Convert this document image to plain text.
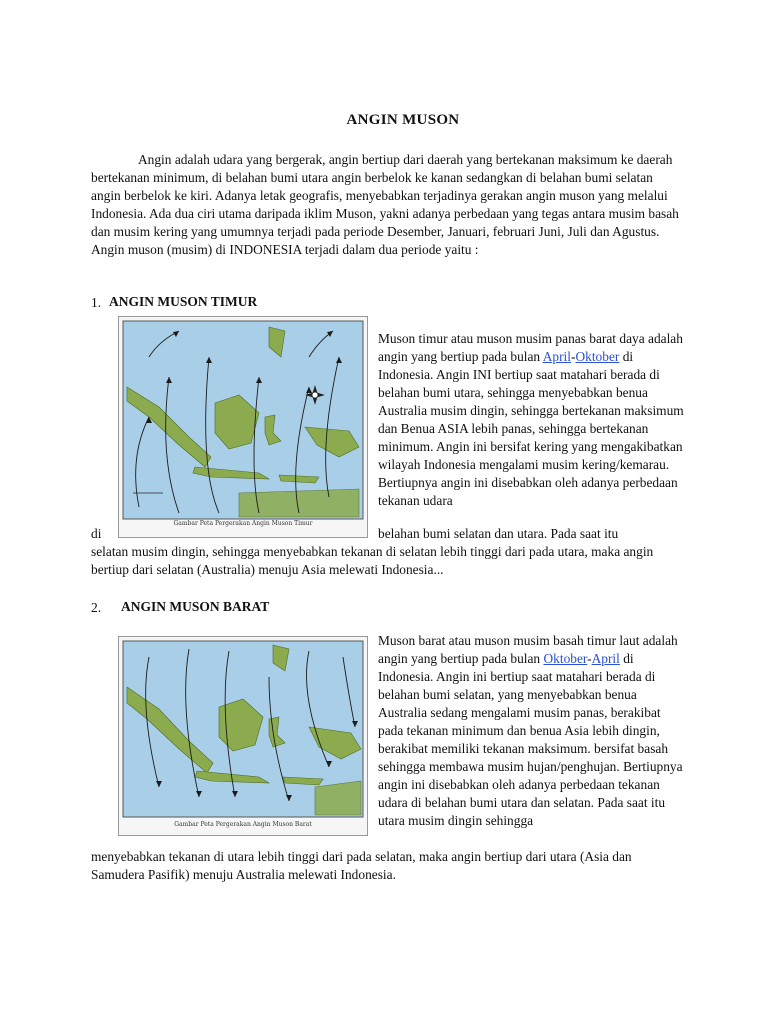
ANGIN MUSON

Angin adalah udara yang bergerak, angin bertiup dari daerah yang bertekanan maksimum ke daerah bertekanan minimum, di belahan bumi utara angin berbelok ke kanan sedangkan di belahan bumi selatan angin berbelok ke kiri. Adanya letak geografis, menyebabkan terjadinya gerakan angin muson yang melalui Indonesia. Ada dua ciri utama daripada iklim Muson, yakni adanya perbedaan yang tegas antara musim basah dan musim kering yang umumnya terjadi pada periode Desember, Januari, februari Juni, Juli dan Agustus. Angin muson (musim) di INDONESIA terjadi dalam dua periode yaitu :

1. ANGIN MUSON TIMUR
Gambar Peta Pergerakan Angin Muson Timur

Muson timur atau muson musim panas barat daya adalah angin yang bertiup pada bulan April-Oktober di Indonesia. Angin INI bertiup saat matahari berada di belahan bumi utara, sehingga menyebabkan benua Australia musim dingin, sehingga bertekanan maksimum dan Benua ASIA lebih panas, sehingga bertekanan minimum. Angin ini bersifat kering yang mengakibatkan wilayah Indonesia mengalami musim kering/kemarau. Bertiupnya angin ini disebabkan oleh adanya perbedaan tekanan udara

di	belahan bumi selatan dan utara. Pada saat itu

selatan musim dingin, sehingga menyebabkan tekanan di selatan lebih tinggi dari pada utara, maka angin bertiup dari selatan (Australia) menuju Asia melewati Indonesia...

2. ANGIN MUSON BARAT
Gambar Peta Pergerakan Angin Muson Barat

Muson barat atau muson musim basah timur laut adalah angin yang bertiup pada bulan Oktober-April di Indonesia. Angin ini bertiup saat matahari berada di belahan bumi selatan, yang menyebabkan benua Australia sedang mengalami musim panas, berakibat pada tekanan minimum dan benua Asia lebih dingin, berakibat memiliki tekanan maksimum. bersifat basah sehingga membawa musim hujan/penghujan. Bertiupnya angin ini disebabkan oleh adanya perbedaan tekanan udara di belahan bumi utara dan selatan. Pada saat itu utara musim dingin sehingga

menyebabkan tekanan di utara lebih tinggi dari pada selatan, maka angin bertiup dari utara (Asia dan Samudera Pasifik) menuju Australia melewati Indonesia.
